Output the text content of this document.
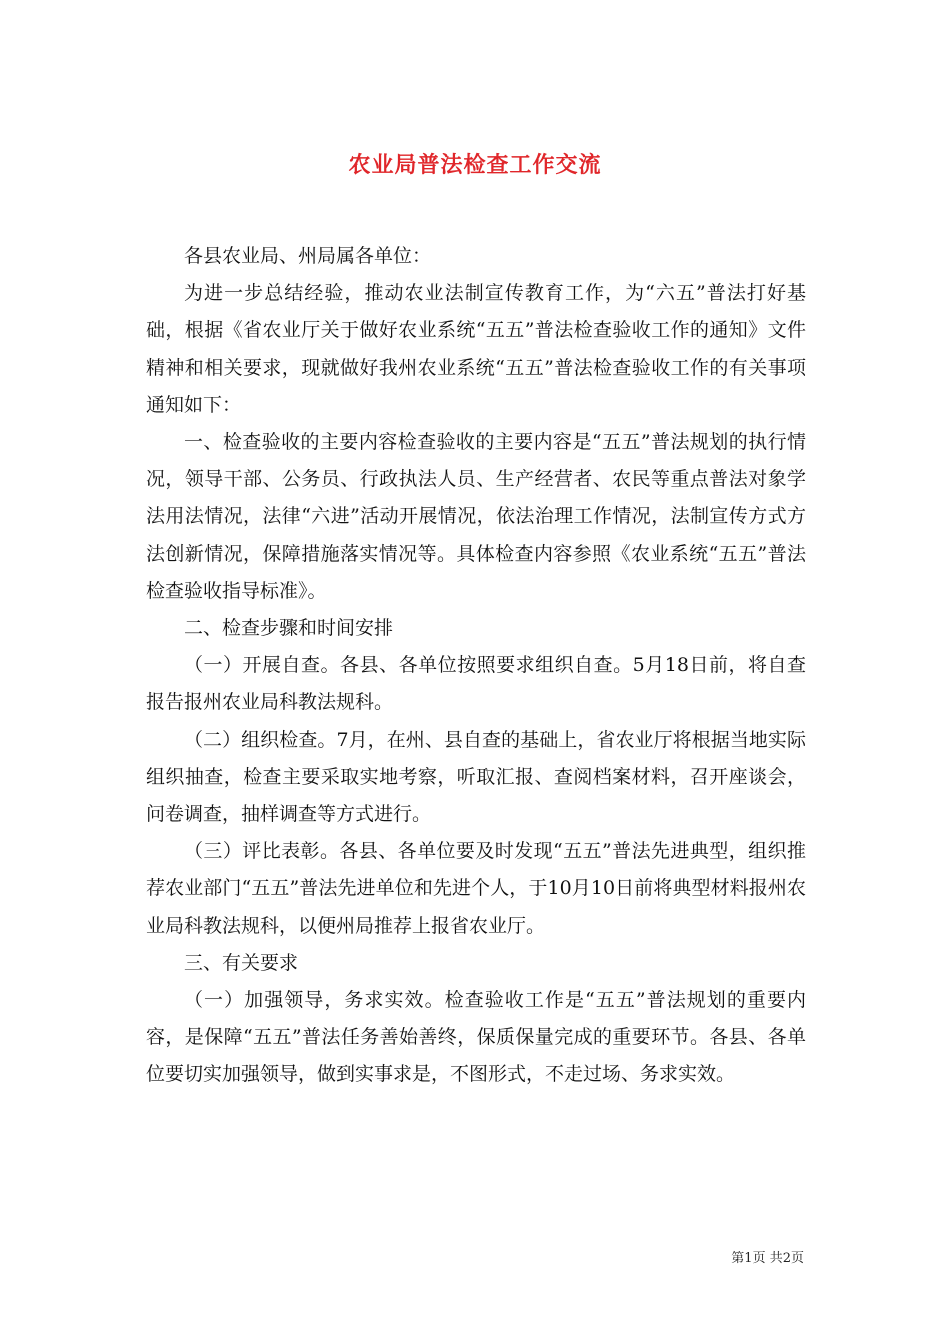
农业局普法检查工作交流

各县农业局、州局属各单位：

为进一步总结经验，推动农业法制宣传教育工作，为“六五”普法打好基础，根据《省农业厅关于做好农业系统“五五”普法检查验收工作的通知》文件精神和相关要求，现就做好我州农业系统“五五”普法检查验收工作的有关事项通知如下：

一、检查验收的主要内容检查验收的主要内容是“五五”普法规划的执行情况，领导干部、公务员、行政执法人员、生产经营者、农民等重点普法对象学法用法情况，法律“六进”活动开展情况，依法治理工作情况，法制宣传方式方法创新情况，保障措施落实情况等。具体检查内容参照《农业系统“五五”普法检查验收指导标准》。

二、检查步骤和时间安排

（一）开展自查。各县、各单位按照要求组织自查。5月18日前，将自查报告报州农业局科教法规科。

（二）组织检查。7月，在州、县自查的基础上，省农业厅将根据当地实际组织抽查，检查主要采取实地考察，听取汇报、查阅档案材料，召开座谈会，问卷调查，抽样调查等方式进行。

（三）评比表彰。各县、各单位要及时发现“五五”普法先进典型，组织推荐农业部门“五五”普法先进单位和先进个人，于10月10日前将典型材料报州农业局科教法规科，以便州局推荐上报省农业厅。

三、有关要求

（一）加强领导，务求实效。检查验收工作是“五五”普法规划的重要内容，是保障“五五”普法任务善始善终，保质保量完成的重要环节。各县、各单位要切实加强领导，做到实事求是，不图形式，不走过场、务求实效。

第1页 共2页
